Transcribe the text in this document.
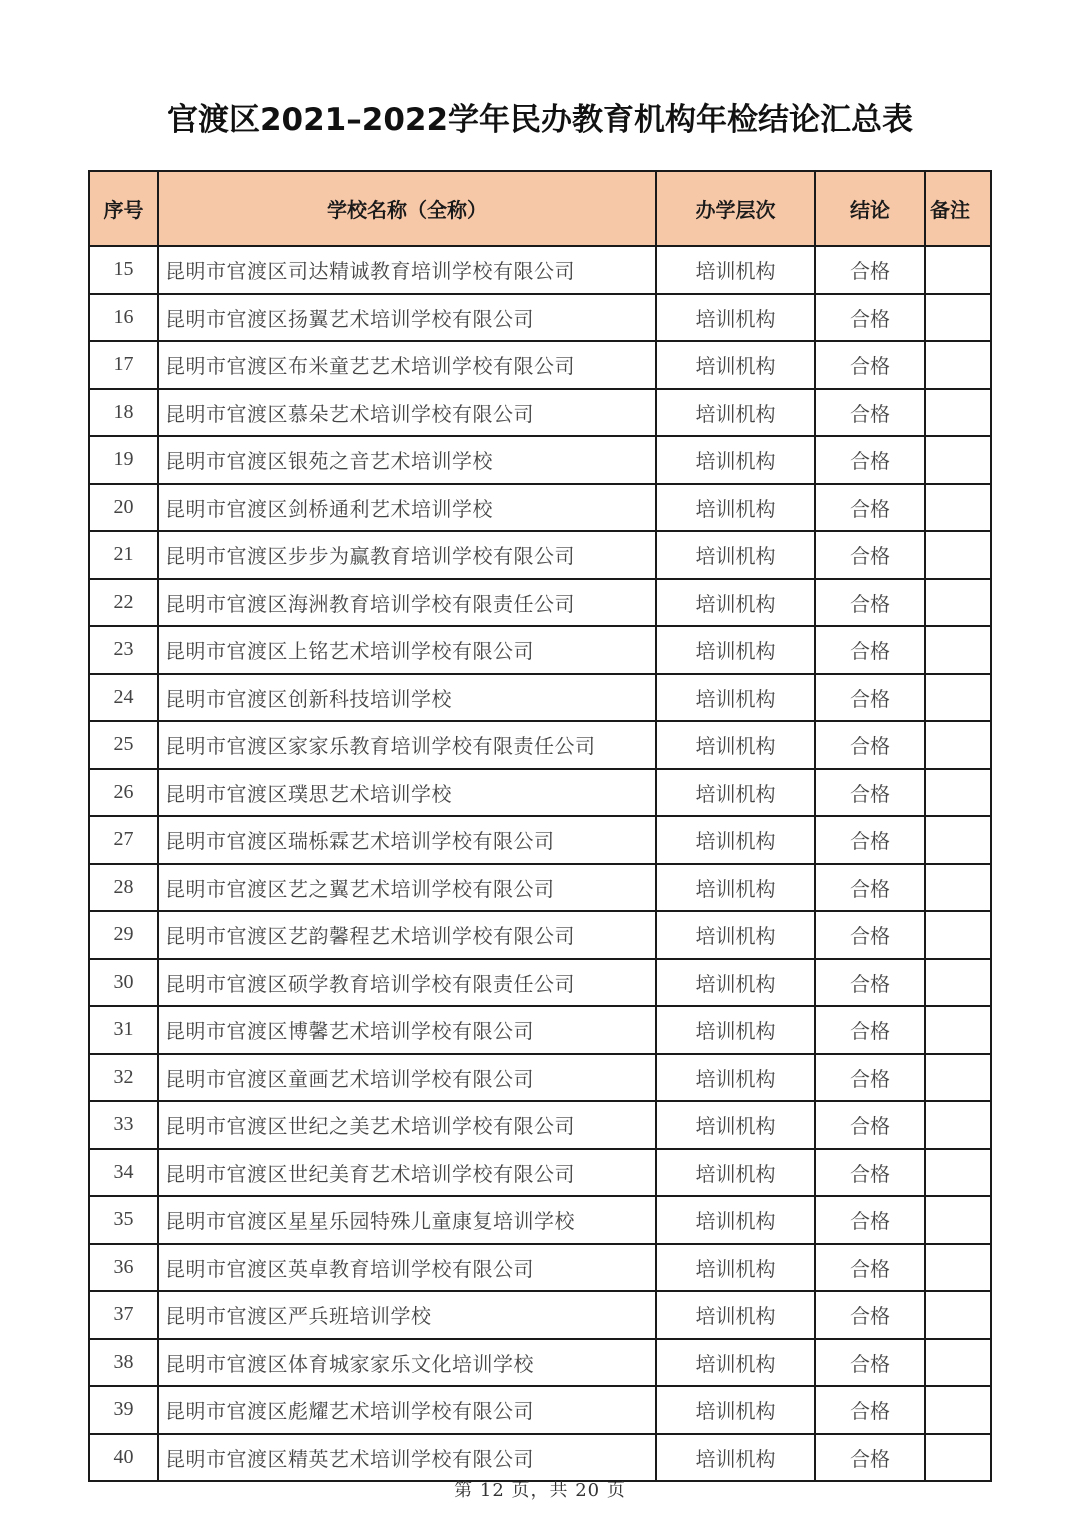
官渡区2021–2022学年民办教育机构年检结论汇总表
序号	学校名称（全称）	办学层次	结论	备注
15	昆明市官渡区司达精诚教育培训学校有限公司	培训机构	合格	
16	昆明市官渡区扬翼艺术培训学校有限公司	培训机构	合格	
17	昆明市官渡区布米童艺艺术培训学校有限公司	培训机构	合格	
18	昆明市官渡区慕朵艺术培训学校有限公司	培训机构	合格	
19	昆明市官渡区银苑之音艺术培训学校	培训机构	合格	
20	昆明市官渡区剑桥通利艺术培训学校	培训机构	合格	
21	昆明市官渡区步步为赢教育培训学校有限公司	培训机构	合格	
22	昆明市官渡区海洲教育培训学校有限责任公司	培训机构	合格	
23	昆明市官渡区上铭艺术培训学校有限公司	培训机构	合格	
24	昆明市官渡区创新科技培训学校	培训机构	合格	
25	昆明市官渡区家家乐教育培训学校有限责任公司	培训机构	合格	
26	昆明市官渡区璞思艺术培训学校	培训机构	合格	
27	昆明市官渡区瑞栎霖艺术培训学校有限公司	培训机构	合格	
28	昆明市官渡区艺之翼艺术培训学校有限公司	培训机构	合格	
29	昆明市官渡区艺韵馨程艺术培训学校有限公司	培训机构	合格	
30	昆明市官渡区硕学教育培训学校有限责任公司	培训机构	合格	
31	昆明市官渡区博馨艺术培训学校有限公司	培训机构	合格	
32	昆明市官渡区童画艺术培训学校有限公司	培训机构	合格	
33	昆明市官渡区世纪之美艺术培训学校有限公司	培训机构	合格	
34	昆明市官渡区世纪美育艺术培训学校有限公司	培训机构	合格	
35	昆明市官渡区星星乐园特殊儿童康复培训学校	培训机构	合格	
36	昆明市官渡区英卓教育培训学校有限公司	培训机构	合格	
37	昆明市官渡区严兵班培训学校	培训机构	合格	
38	昆明市官渡区体育城家家乐文化培训学校	培训机构	合格	
39	昆明市官渡区彪耀艺术培训学校有限公司	培训机构	合格	
40	昆明市官渡区精英艺术培训学校有限公司	培训机构	合格	
第 12 页，共 20 页
